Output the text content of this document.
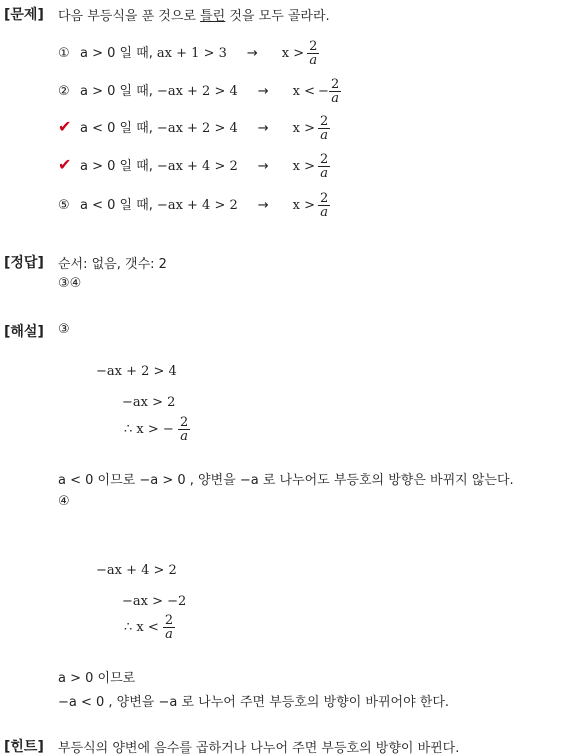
[문제] 다음 부등식을 푼 것으로 틀린 것을 모두 골라라.
① a > 0 일 때, ax + $1 > 3 \to x > \frac{2}{a}$
② a > 0 일 때, −ax + 2 > 4 → x < − $\frac{2}{a}$
✔ a < 0 일 때, $-ax + 2 > 4 \to x > \frac{2}{a}$
✔ a > 0 일 때, $-ax + 4 > 2 \to x > \frac{2}{a}$
⑤ a < 0 일 때, $-ax + 4 > 2 \to x > \frac{2}{a}$
[정답] 순서: 없음, 갯수: 2
③④
[해설] ③
−ax + 2 > 4
−ax > 2
∴ x > − $\frac{2}{a}$
a < 0 이므로 −a > 0 , 양변을 −a 로 나누어도 부등호의 방향은 바뀌지 않는다.
④
−ax + 4 > 2
−ax > −2
∴ $x < \frac{2}{a}$
a > 0 이므로
−a < 0 , 양변을 −a 로 나누어 주면 부등호의 방향이 바뀌어야 한다.
[힌트] 부등식의 양변에 음수를 곱하거나 나누어 주면 부등호의 방향이 바뀐다.
